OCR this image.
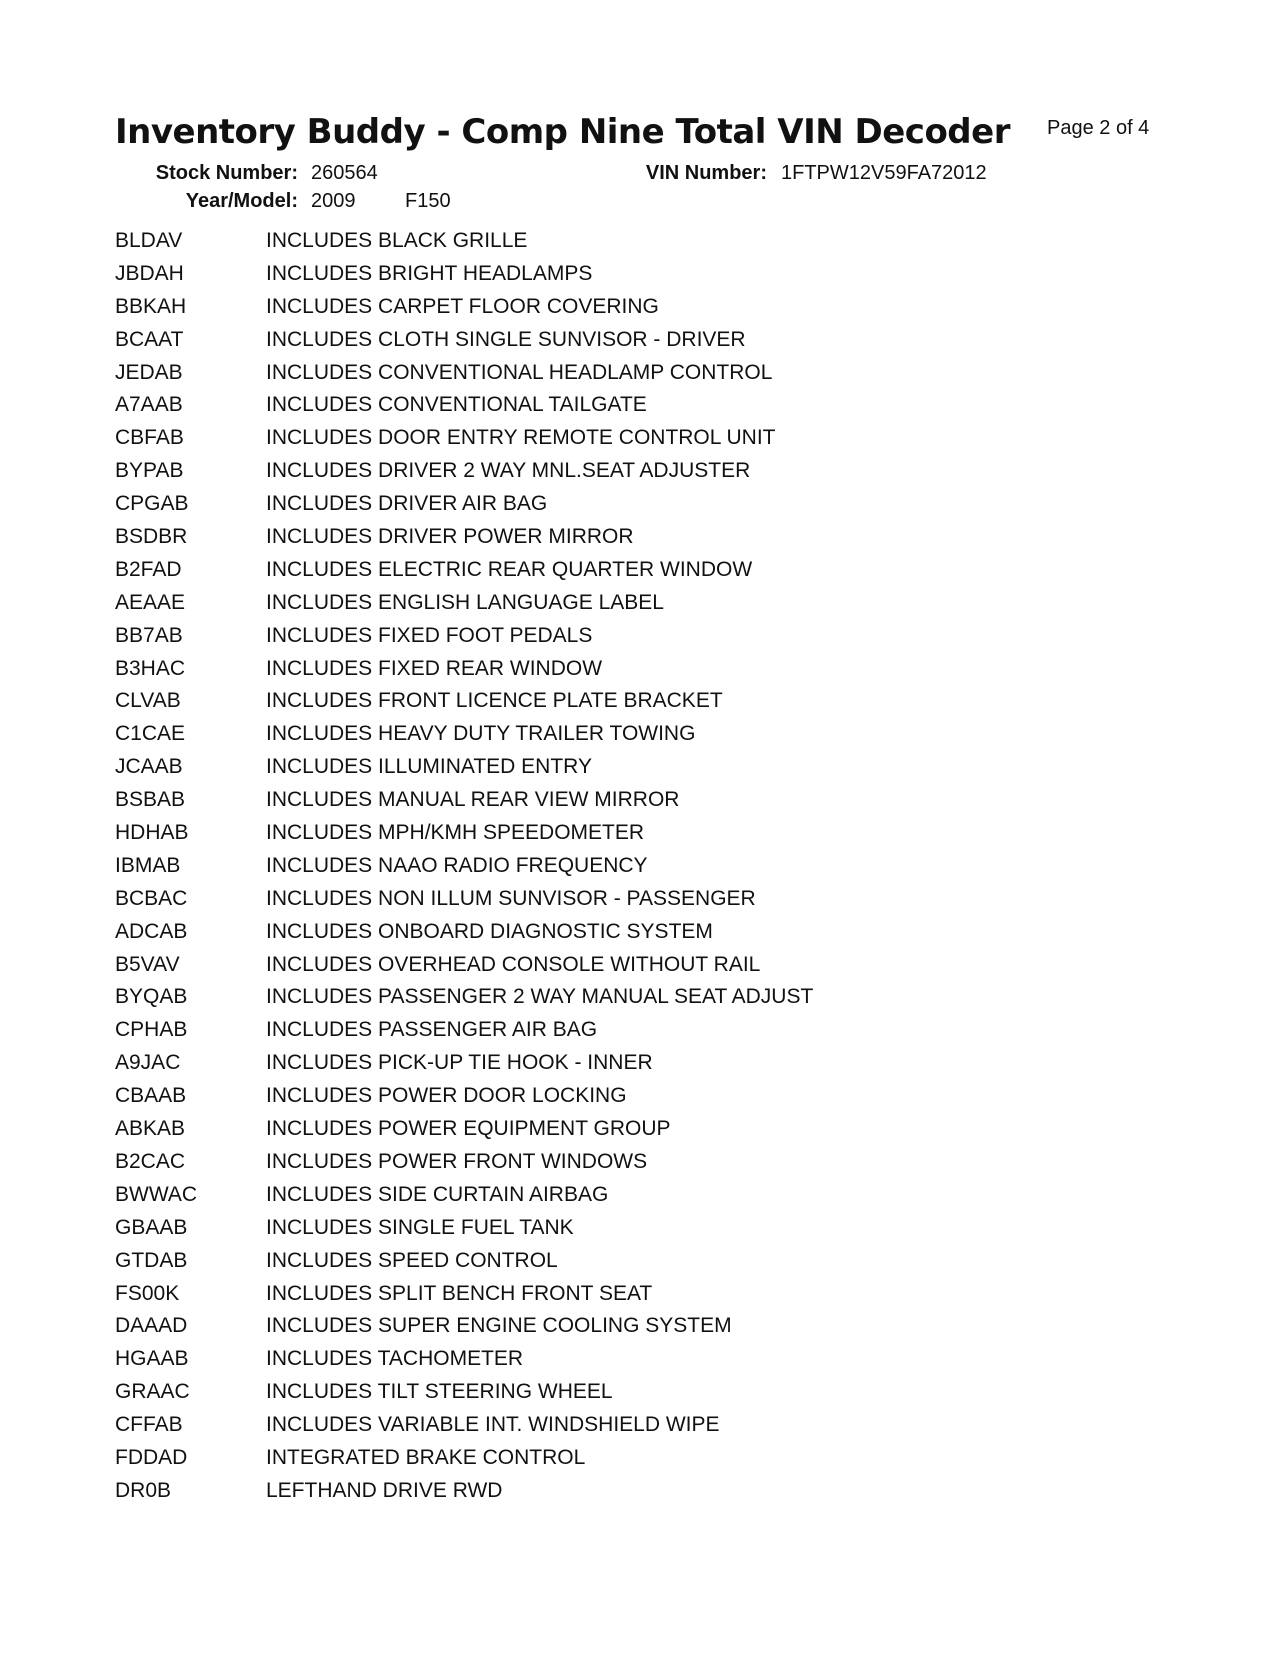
Inventory Buddy - Comp Nine Total VIN Decoder Page 2 of 4
Stock Number: 260564	VIN Number: 1FTPW12V59FA72012
Year/Model: 2009 F150
BLDAV	INCLUDES BLACK GRILLE
JBDAH	INCLUDES BRIGHT HEADLAMPS
BBKAH	INCLUDES CARPET FLOOR COVERING
BCAAT	INCLUDES CLOTH SINGLE SUNVISOR - DRIVER
JEDAB	INCLUDES CONVENTIONAL HEADLAMP CONTROL
A7AAB	INCLUDES CONVENTIONAL TAILGATE
CBFAB	INCLUDES DOOR ENTRY REMOTE CONTROL UNIT
BYPAB	INCLUDES DRIVER 2 WAY MNL.SEAT ADJUSTER
CPGAB	INCLUDES DRIVER AIR BAG
BSDBR	INCLUDES DRIVER POWER MIRROR
B2FAD	INCLUDES ELECTRIC REAR QUARTER WINDOW
AEAAE	INCLUDES ENGLISH LANGUAGE LABEL
BB7AB	INCLUDES FIXED FOOT PEDALS
B3HAC	INCLUDES FIXED REAR WINDOW
CLVAB	INCLUDES FRONT LICENCE PLATE BRACKET
C1CAE	INCLUDES HEAVY DUTY TRAILER TOWING
JCAAB	INCLUDES ILLUMINATED ENTRY
BSBAB	INCLUDES MANUAL REAR VIEW MIRROR
HDHAB	INCLUDES MPH/KMH SPEEDOMETER
IBMAB	INCLUDES NAAO RADIO FREQUENCY
BCBAC	INCLUDES NON ILLUM SUNVISOR - PASSENGER
ADCAB	INCLUDES ONBOARD DIAGNOSTIC SYSTEM
B5VAV	INCLUDES OVERHEAD CONSOLE WITHOUT RAIL
BYQAB	INCLUDES PASSENGER 2 WAY MANUAL SEAT ADJUST
CPHAB	INCLUDES PASSENGER AIR BAG
A9JAC	INCLUDES PICK-UP TIE HOOK - INNER
CBAAB	INCLUDES POWER DOOR LOCKING
ABKAB	INCLUDES POWER EQUIPMENT GROUP
B2CAC	INCLUDES POWER FRONT WINDOWS
BWWAC	INCLUDES SIDE CURTAIN AIRBAG
GBAAB	INCLUDES SINGLE FUEL TANK
GTDAB	INCLUDES SPEED CONTROL
FS00K	INCLUDES SPLIT BENCH FRONT SEAT
DAAAD	INCLUDES SUPER ENGINE COOLING SYSTEM
HGAAB	INCLUDES TACHOMETER
GRAAC	INCLUDES TILT STEERING WHEEL
CFFAB	INCLUDES VARIABLE INT. WINDSHIELD WIPE
FDDAD	INTEGRATED BRAKE CONTROL
DR0B	LEFTHAND DRIVE RWD
